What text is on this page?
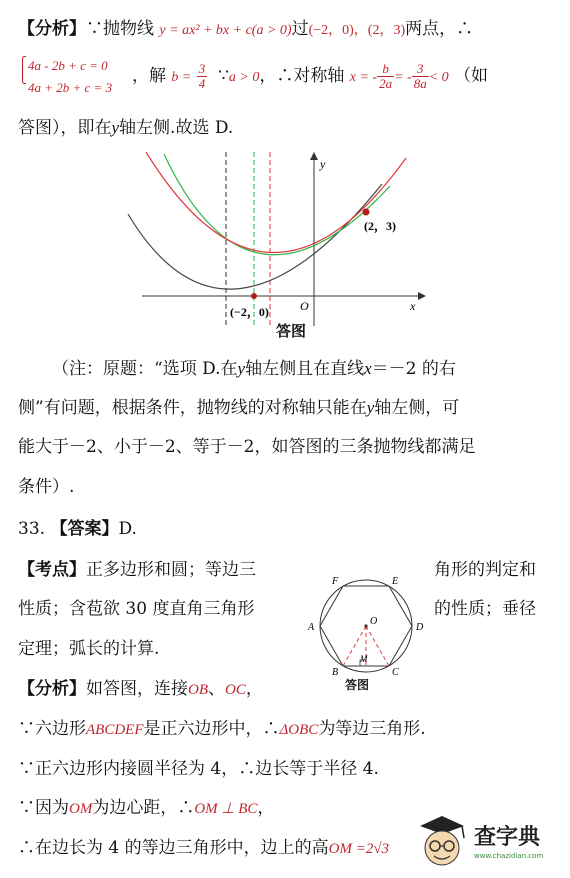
【分析】∵抛物线 y = ax² + bx + c(a > 0)过(−2，0)，(2，3)两点，∴
⎧
⎩
4a - 2b + c = 0
4a + 2b + c = 3
，解 $b = \frac{3}{4}$ ∵a > 0，∴对称轴 x = - $\frac{b}{2a}$ = - $\frac{3}{8a} < 0$ （如
答图），即在y轴左侧.故选 D.
y
x
O
(−2，0)
(2，3)
答图
（注：原题：“选项 D.在y轴左侧且在直线x＝－2 的右
侧”有问题，根据条件，抛物线的对称轴只能在y轴左侧，可
能大于－2、小于－2、等于－2，如答图的三条抛物线都满足
条件）.
33. 【答案】D.
【考点】正多边形和圆；等边三	角形的判定和
性质；含苞欲 30 度直角三角形	的性质；垂径
定理；弧长的计算.
A
B	C
D
E
F
O
M
答图
【分析】如答图，连接OB、OC，
∵六边形ABCDEF是正六边形中，∴ΔOBC为等边三角形.
∵正六边形内接圆半径为 4，∴边长等于半径 4.
∵因为OM为边心距，∴OM ⊥ BC，
∴在边长为 4 的等边三角形中，边上的高OM =2√3	查字典
www.chazidian.com
